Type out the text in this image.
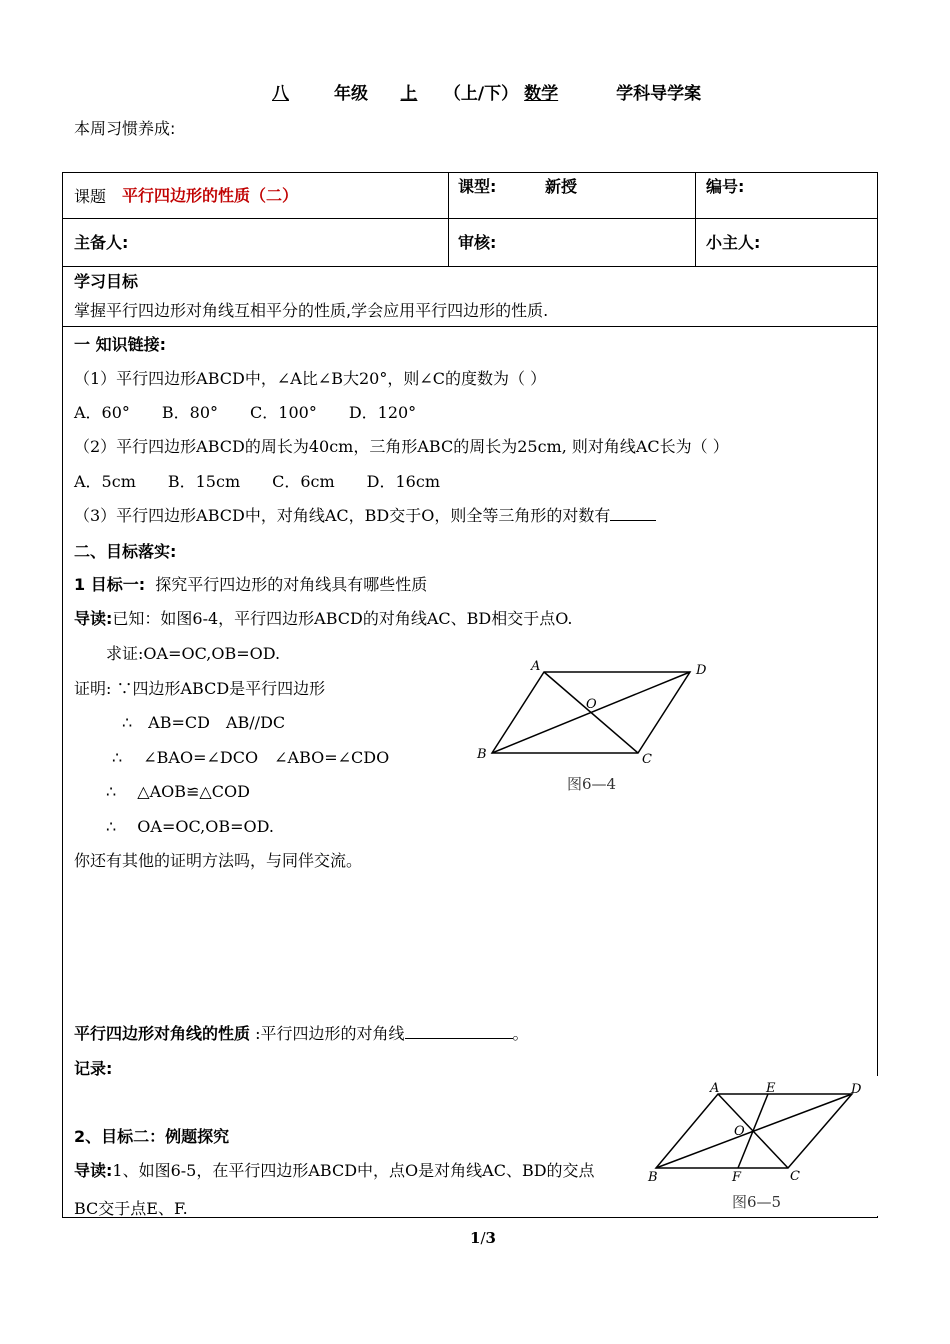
八	年级 上 （上/下） 数学	学科导学案
本周习惯养成:
课题 平行四边形的性质（二）	课型:	新授	编号:
主备人:	审核:	小主人:
学习目标
掌握平行四边形对角线互相平分的性质,学会应用平行四边形的性质.
一 知识链接:
（1）平行四边形ABCD中，∠A比∠B大20°，则∠C的度数为（ ）
A．60°　　B．80°　　C．100°　　D．120°
（2）平行四边形ABCD的周长为40cm，三角形ABC的周长为25cm, 则对角线AC长为（ ）
A．5cm　　B．15cm　　C．6cm　　D．16cm
（3）平行四边形ABCD中，对角线AC，BD交于O，则全等三角形的对数有
二、目标落实:
1 目标一: 探究平行四边形的对角线具有哪些性质
导读:已知：如图6-4，平行四边形ABCD的对角线AC、BD相交于点O.
求证:OA=OC,OB=OD.
证明: ∵四边形ABCD是平行四边形
∴　AB=CD　AB//DC
∴　 ∠BAO=∠DCO　∠ABO=∠CDO
∴　 △AOB≌△COD
∴　 OA=OC,OB=OD.
你还有其他的证明方法吗，与同伴交流。
A	D
B	C
O
图6—4
平行四边形对角线的性质 :平行四边形的对角线	。
记录:
2、目标二：例题探究
导读:1、如图6-5，在平行四边形ABCD中，点O是对角线AC、BD的交点
BC交于点E、F.
A	E	D
O
B	F	C
图6—5
1/3
